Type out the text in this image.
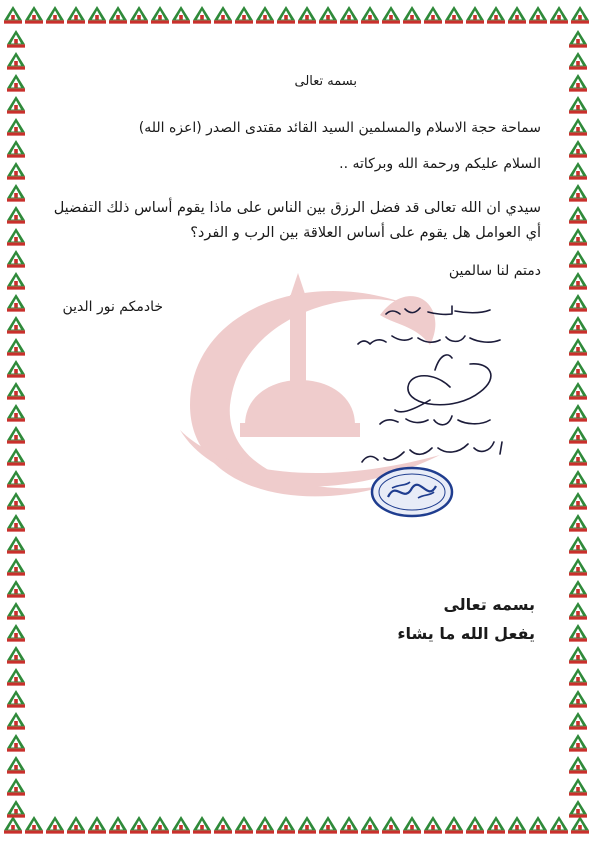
بسمه تعالى
سماحة حجة الاسلام والمسلمين السيد القائد مقتدى الصدر (اعزه الله)
السلام عليكم ورحمة الله وبركاته ..
سيدي ان الله تعالى قد فضل الرزق بين الناس على ماذا يقوم أساس ذلك التفضيل
أي العوامل هل يقوم على أساس العلاقة بين الرب و الفرد؟
دمتم لنا سالمين
خادمكم نور الدين
بسمه تعالى
يفعل الله ما يشاء
